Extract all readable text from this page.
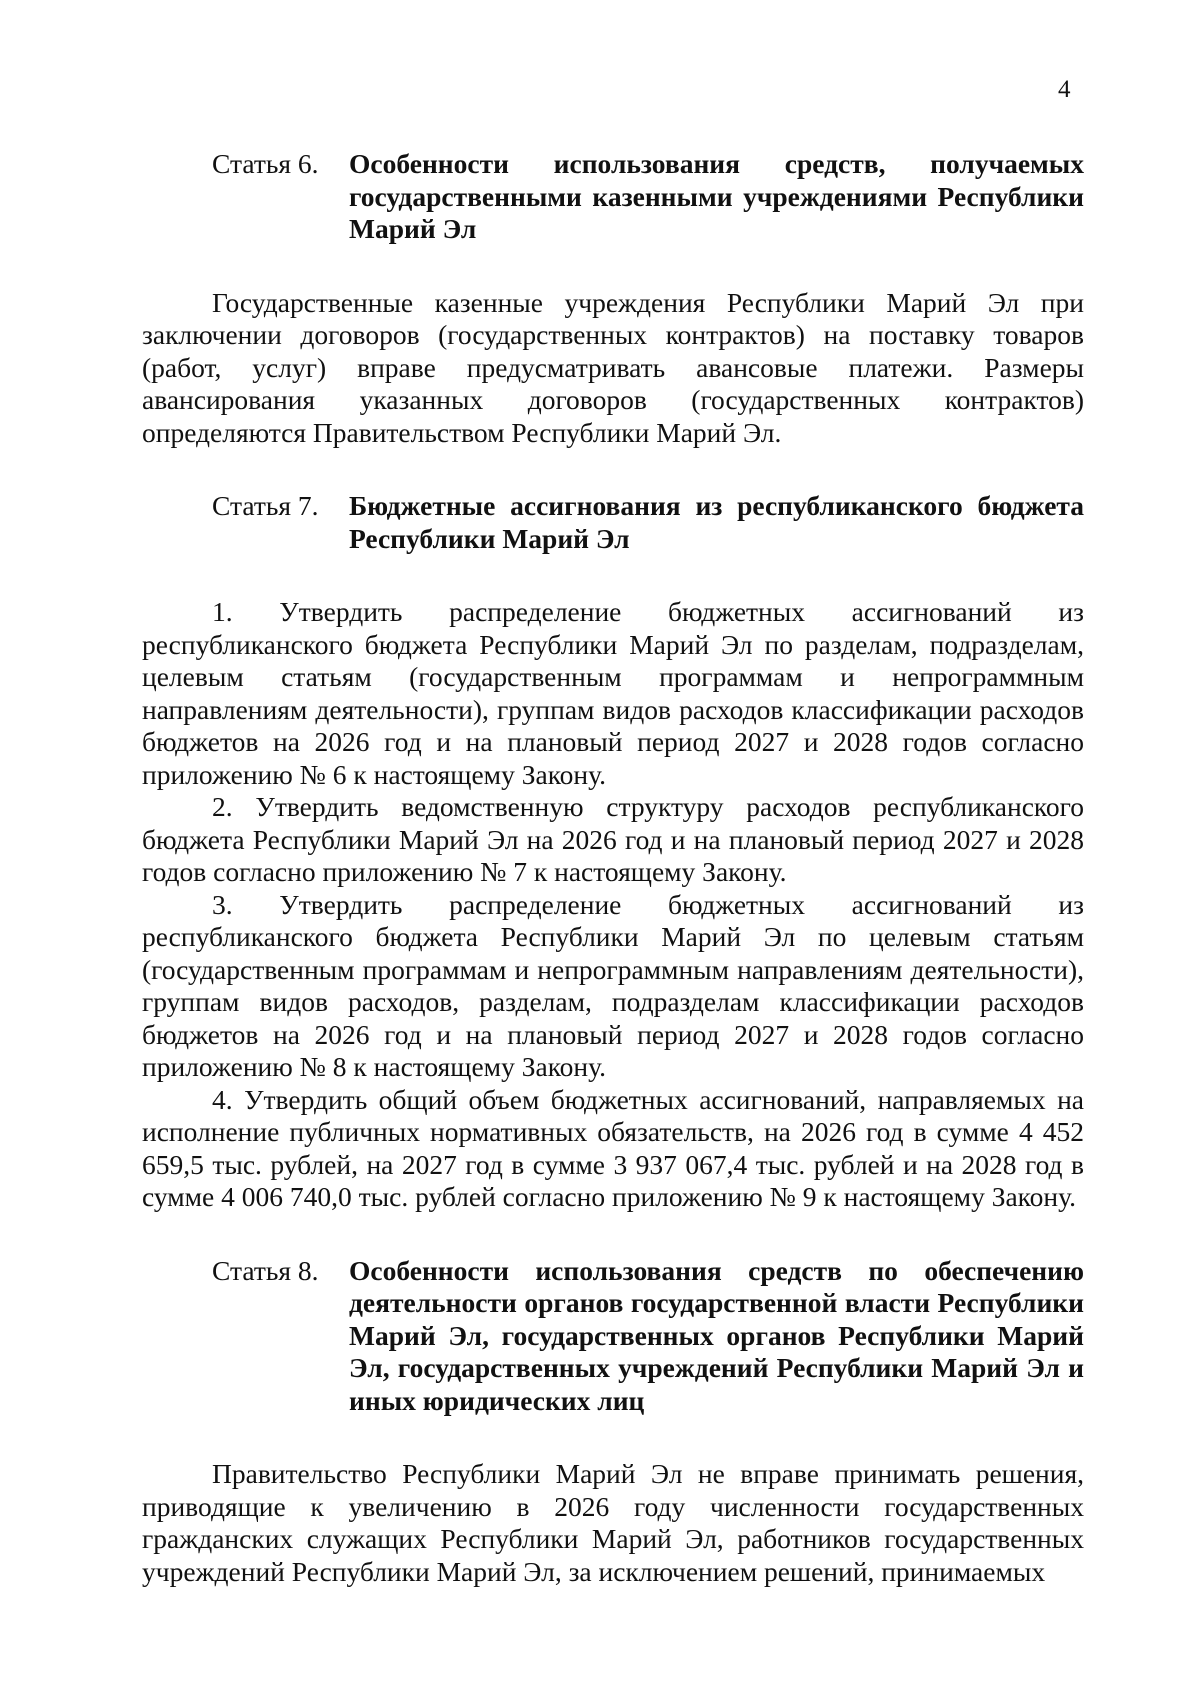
4
Статья 6.	Особенности использования средств, получаемых государственными казенными учреждениями Республики Марий Эл

Государственные казенные учреждения Республики Марий Эл при заключении договоров (государственных контрактов) на поставку товаров (работ, услуг) вправе предусматривать авансовые платежи. Размеры авансирования указанных договоров (государственных контрактов) определяются Правительством Республики Марий Эл.

Статья 7.	Бюджетные ассигнования из республиканского бюджета Республики Марий Эл

1. Утвердить распределение бюджетных ассигнований из республиканского бюджета Республики Марий Эл по разделам, подразделам, целевым статьям (государственным программам и непрограммным направлениям деятельности), группам видов расходов классификации расходов бюджетов на 2026 год и на плановый период 2027 и 2028 годов согласно приложению № 6 к настоящему Закону.

2. Утвердить ведомственную структуру расходов республиканского бюджета Республики Марий Эл на 2026 год и на плановый период 2027 и 2028 годов согласно приложению № 7 к настоящему Закону.

3. Утвердить распределение бюджетных ассигнований из республиканского бюджета Республики Марий Эл по целевым статьям (государственным программам и непрограммным направлениям деятельности), группам видов расходов, разделам, подразделам классификации расходов бюджетов на 2026 год и на плановый период 2027 и 2028 годов согласно приложению № 8 к настоящему Закону.

4. Утвердить общий объем бюджетных ассигнований, направляемых на исполнение публичных нормативных обязательств, на 2026 год в сумме 4 452 659,5 тыс. рублей, на 2027 год в сумме 3 937 067,4 тыс. рублей и на 2028 год в сумме 4 006 740,0 тыс. рублей согласно приложению № 9 к настоящему Закону.

Статья 8.	Особенности использования средств по обеспечению деятельности органов государственной власти Республики Марий Эл, государственных органов Республики Марий Эл, государственных учреждений Республики Марий Эл и иных юридических лиц

Правительство Республики Марий Эл не вправе принимать решения, приводящие к увеличению в 2026 году численности государственных гражданских служащих Республики Марий Эл, работников государственных учреждений Республики Марий Эл, за исключением решений, принимаемых
